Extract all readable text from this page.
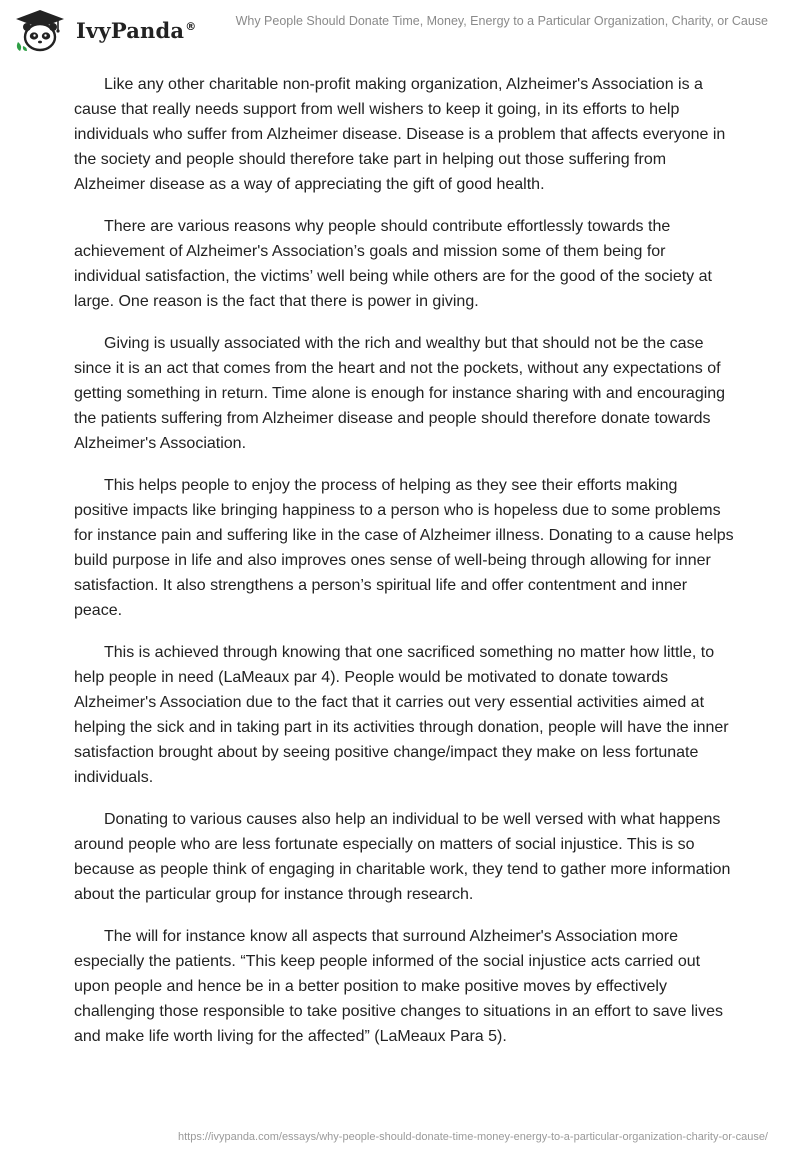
IvyPanda®	Why People Should Donate Time, Money, Energy to a Particular Organization, Charity, or Cause

Like any other charitable non-profit making organization, Alzheimer's Association is a cause that really needs support from well wishers to keep it going, in its efforts to help individuals who suffer from Alzheimer disease. Disease is a problem that affects everyone in the society and people should therefore take part in helping out those suffering from Alzheimer disease as a way of appreciating the gift of good health.

There are various reasons why people should contribute effortlessly towards the achievement of Alzheimer's Association’s goals and mission some of them being for individual satisfaction, the victims’ well being while others are for the good of the society at large. One reason is the fact that there is power in giving.

Giving is usually associated with the rich and wealthy but that should not be the case since it is an act that comes from the heart and not the pockets, without any expectations of getting something in return. Time alone is enough for instance sharing with and encouraging the patients suffering from Alzheimer disease and people should therefore donate towards Alzheimer's Association.

This helps people to enjoy the process of helping as they see their efforts making positive impacts like bringing happiness to a person who is hopeless due to some problems for instance pain and suffering like in the case of Alzheimer illness. Donating to a cause helps build purpose in life and also improves ones sense of well-being through allowing for inner satisfaction. It also strengthens a person’s spiritual life and offer contentment and inner peace.

This is achieved through knowing that one sacrificed something no matter how little, to help people in need (LaMeaux par 4). People would be motivated to donate towards Alzheimer's Association due to the fact that it carries out very essential activities aimed at helping the sick and in taking part in its activities through donation, people will have the inner satisfaction brought about by seeing positive change/impact they make on less fortunate individuals.

Donating to various causes also help an individual to be well versed with what happens around people who are less fortunate especially on matters of social injustice. This is so because as people think of engaging in charitable work, they tend to gather more information about the particular group for instance through research.

The will for instance know all aspects that surround Alzheimer's Association more especially the patients. “This keep people informed of the social injustice acts carried out upon people and hence be in a better position to make positive moves by effectively challenging those responsible to take positive changes to situations in an effort to save lives and make life worth living for the affected” (LaMeaux Para 5).

https://ivypanda.com/essays/why-people-should-donate-time-money-energy-to-a-particular-organization-charity-or-cause/
